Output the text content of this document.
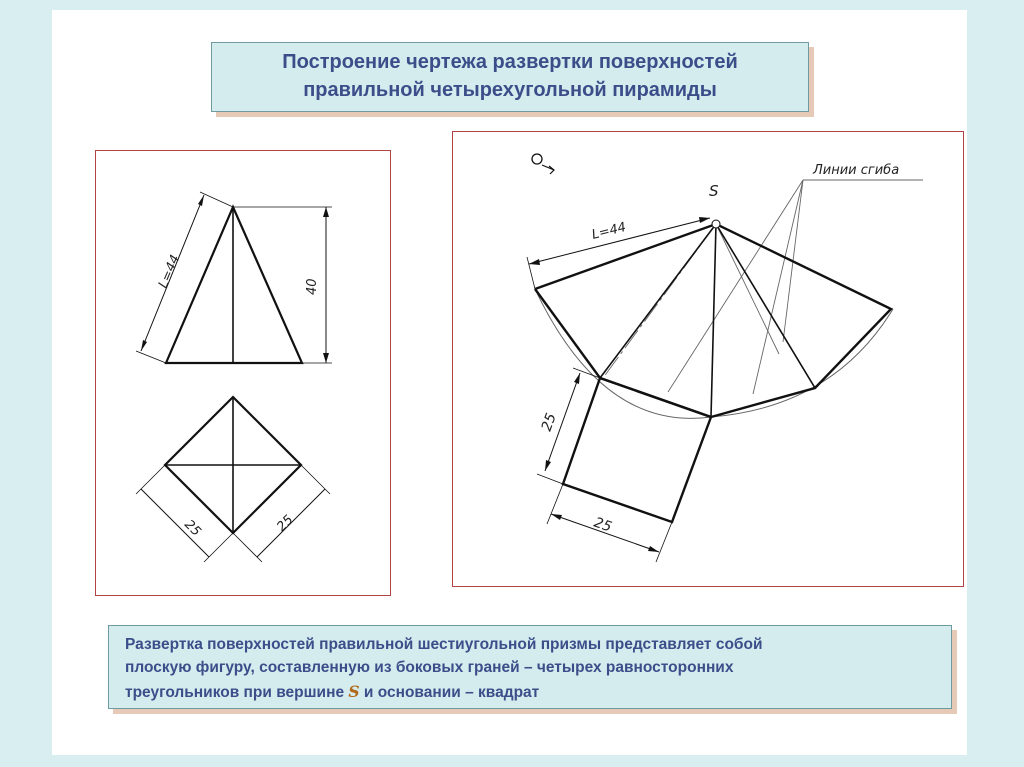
Построение чертежа развертки поверхностей
правильной четырехугольной пирамиды
L=44	40
25	25
S
L=44
Линии сгиба
O
25
25
Развертка поверхностей правильной шестиугольной призмы представляет собой
плоскую фигуру, составленную из боковых граней – четырех равносторонних
треугольников при вершине S и основании – квадрат
